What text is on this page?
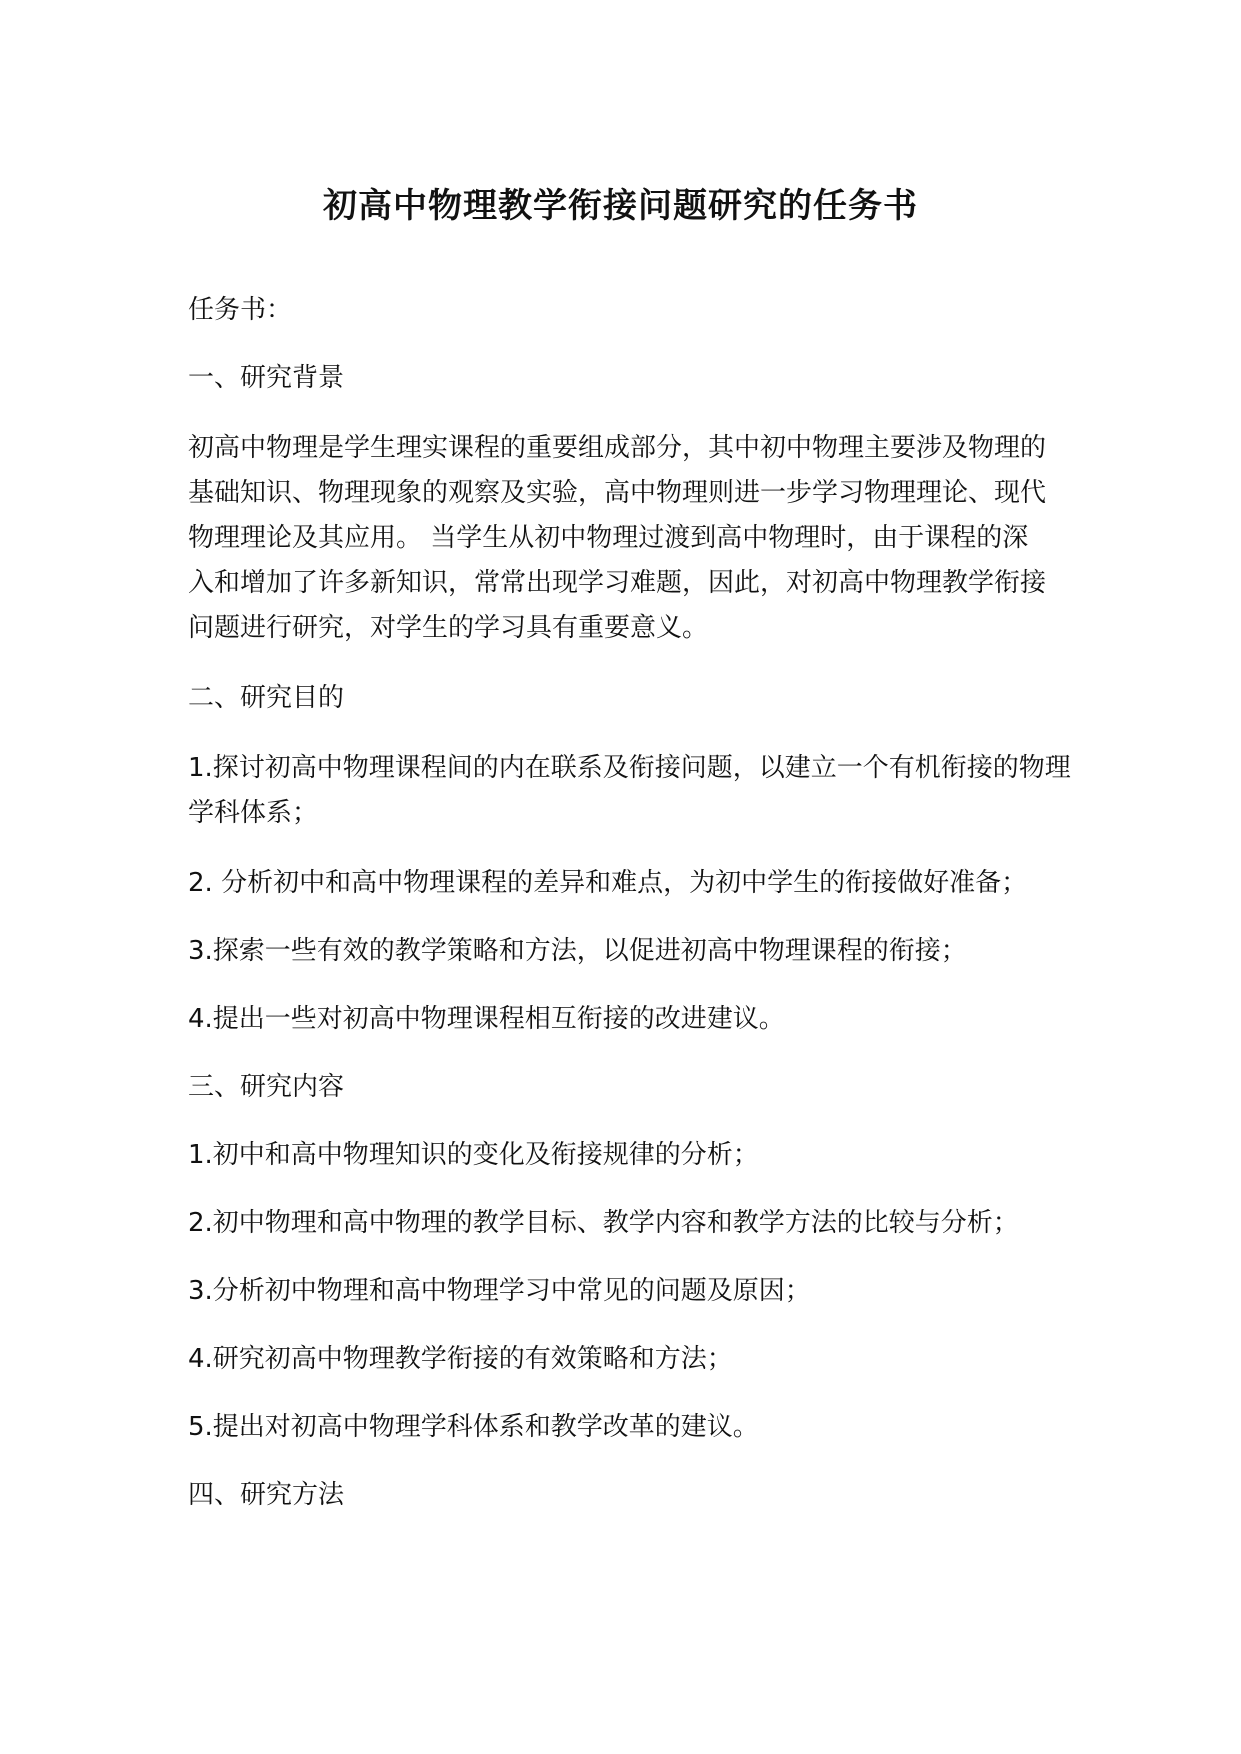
初高中物理教学衔接问题研究的任务书

任务书：

一、研究背景

初高中物理是学生理实课程的重要组成部分，其中初中物理主要涉及物理的基础知识、物理现象的观察及实验，高中物理则进一步学习物理理论、现代物理理论及其应用。 当学生从初中物理过渡到高中物理时，由于课程的深入和增加了许多新知识，常常出现学习难题，因此，对初高中物理教学衔接问题进行研究，对学生的学习具有重要意义。

二、研究目的

1.探讨初高中物理课程间的内在联系及衔接问题，以建立一个有机衔接的物理学科体系；

2. 分析初中和高中物理课程的差异和难点，为初中学生的衔接做好准备；

3.探索一些有效的教学策略和方法，以促进初高中物理课程的衔接；

4.提出一些对初高中物理课程相互衔接的改进建议。

三、研究内容

1.初中和高中物理知识的变化及衔接规律的分析；

2.初中物理和高中物理的教学目标、教学内容和教学方法的比较与分析；

3.分析初中物理和高中物理学习中常见的问题及原因；

4.研究初高中物理教学衔接的有效策略和方法；

5.提出对初高中物理学科体系和教学改革的建议。

四、研究方法
